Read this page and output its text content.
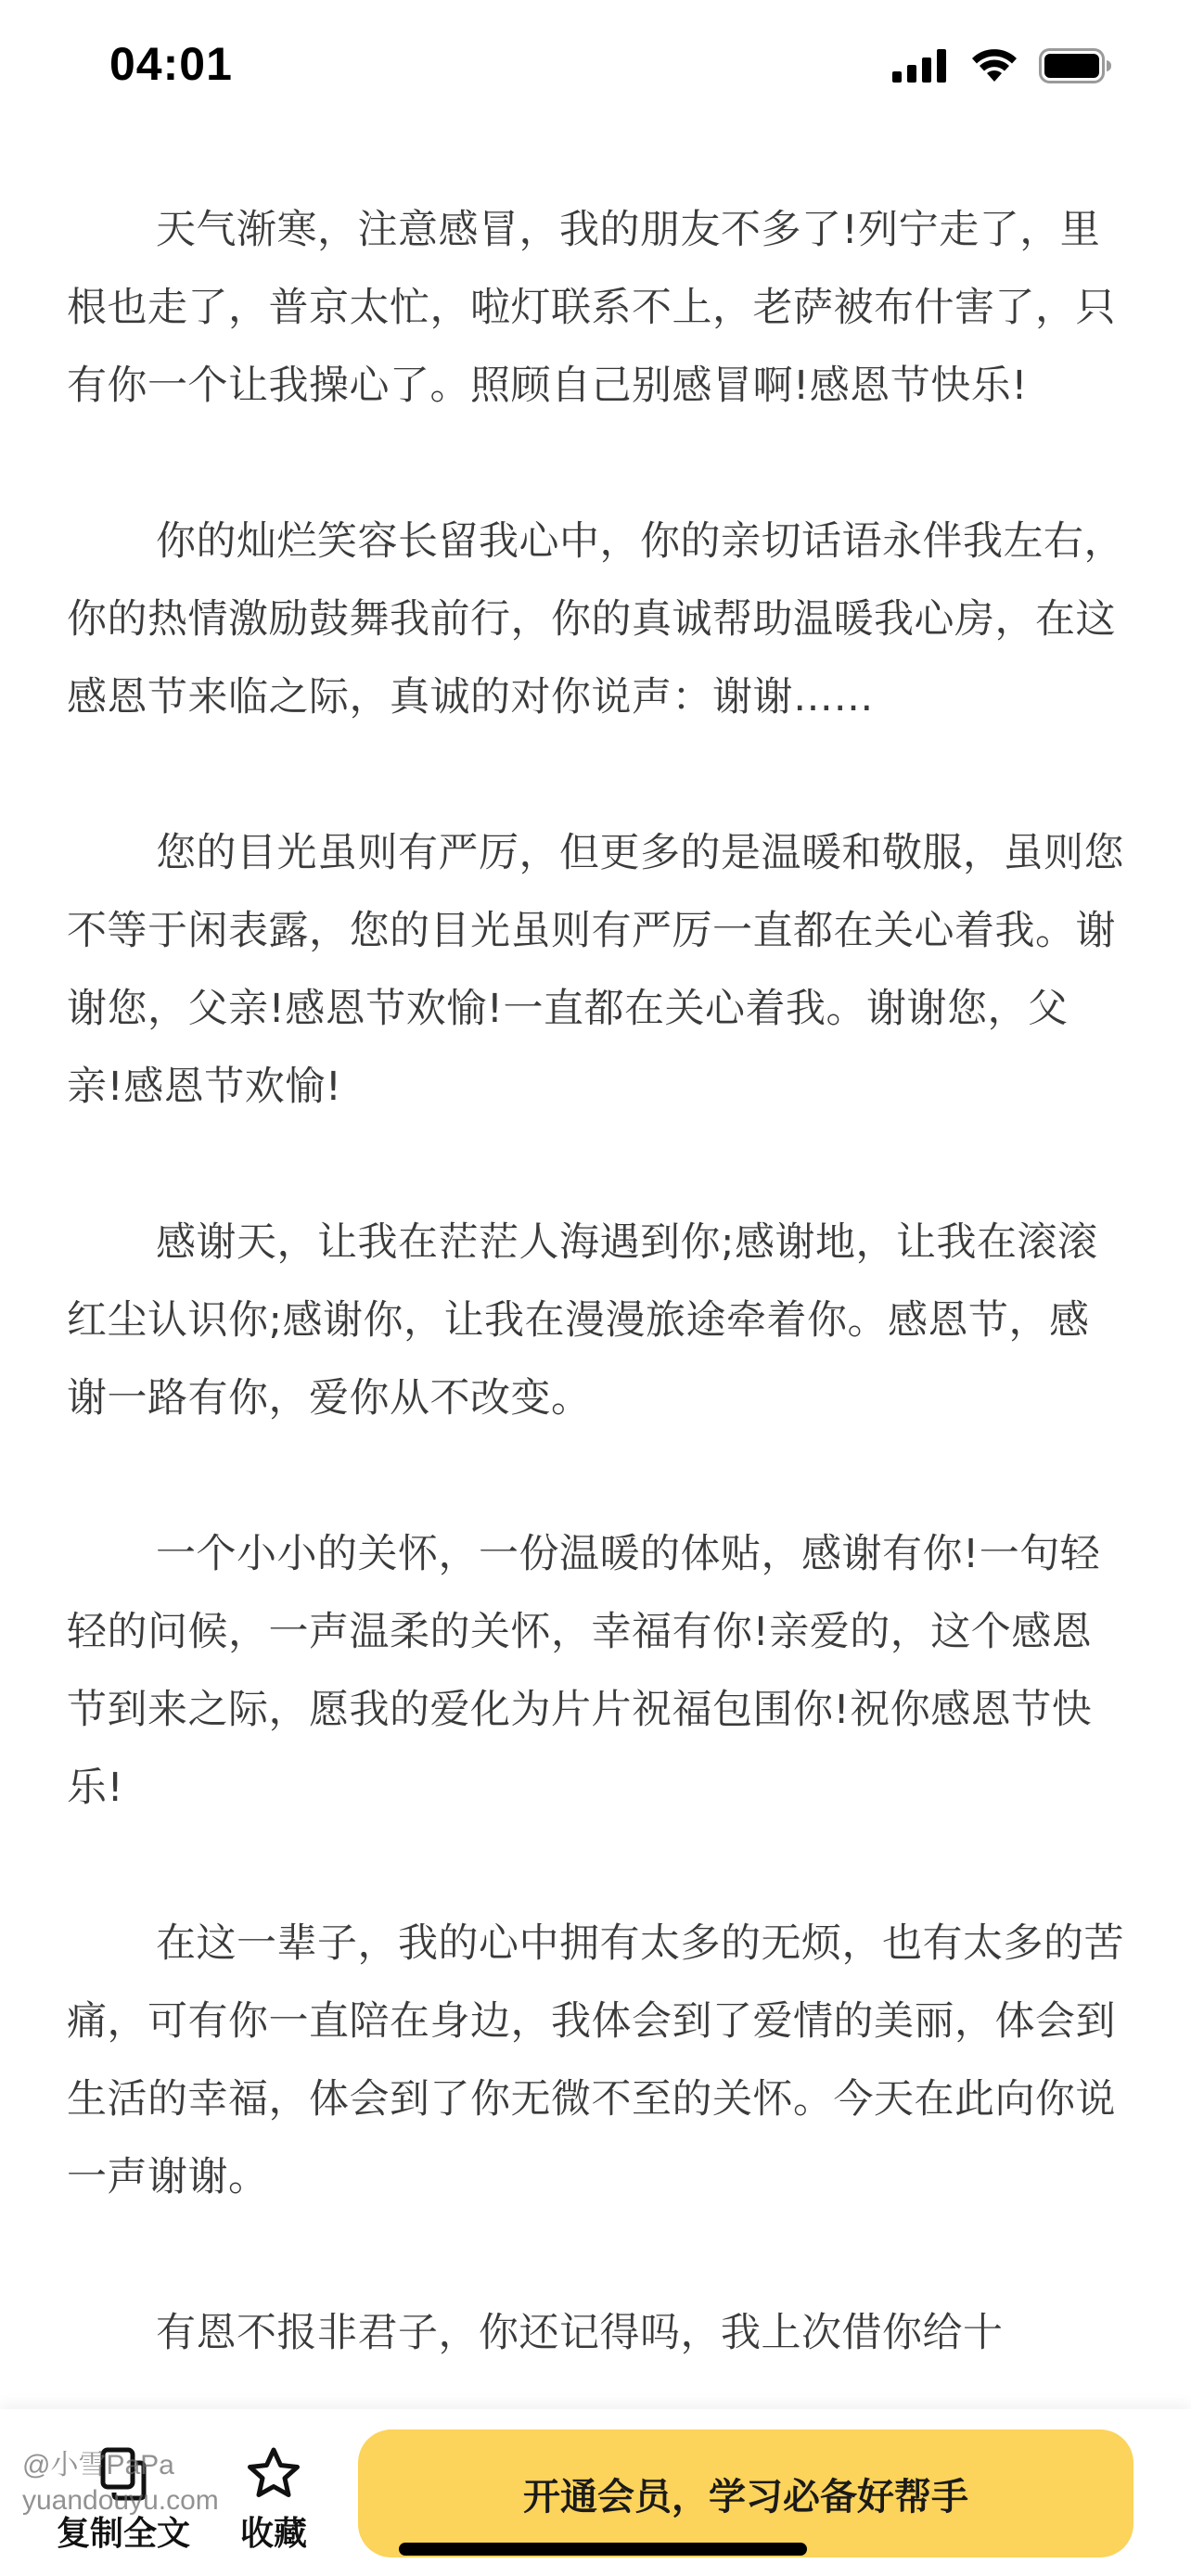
04:01

天气渐寒，注意感冒，我的朋友不多了!列宁走了，里根也走了，普京太忙，啦灯联系不上，老萨被布什害了，只有你一个让我操心了。照顾自己别感冒啊!感恩节快乐!

你的灿烂笑容长留我心中，你的亲切话语永伴我左右，你的热情激励鼓舞我前行，你的真诚帮助温暖我心房，在这感恩节来临之际，真诚的对你说声：谢谢……

您的目光虽则有严厉，但更多的是温暖和敬服，虽则您不等于闲表露，您的目光虽则有严厉一直都在关心着我。谢谢您，父亲!感恩节欢愉!一直都在关心着我。谢谢您，父亲!感恩节欢愉!

感谢天，让我在茫茫人海遇到你;感谢地，让我在滚滚红尘认识你;感谢你，让我在漫漫旅途牵着你。感恩节，感谢一路有你，爱你从不改变。

一个小小的关怀，一份温暖的体贴，感谢有你!一句轻轻的问候，一声温柔的关怀，幸福有你!亲爱的，这个感恩节到来之际，愿我的爱化为片片祝福包围你!祝你感恩节快乐!

在这一辈子，我的心中拥有太多的无烦，也有太多的苦痛，可有你一直陪在身边，我体会到了爱情的美丽，体会到生活的幸福，体会到了你无微不至的关怀。今天在此向你说一声谢谢。

有恩不报非君子，你还记得吗，我上次借你给十

复制全文	收藏
开通会员，学习必备好帮手
@小雪PaPa
yuandouyu.com
